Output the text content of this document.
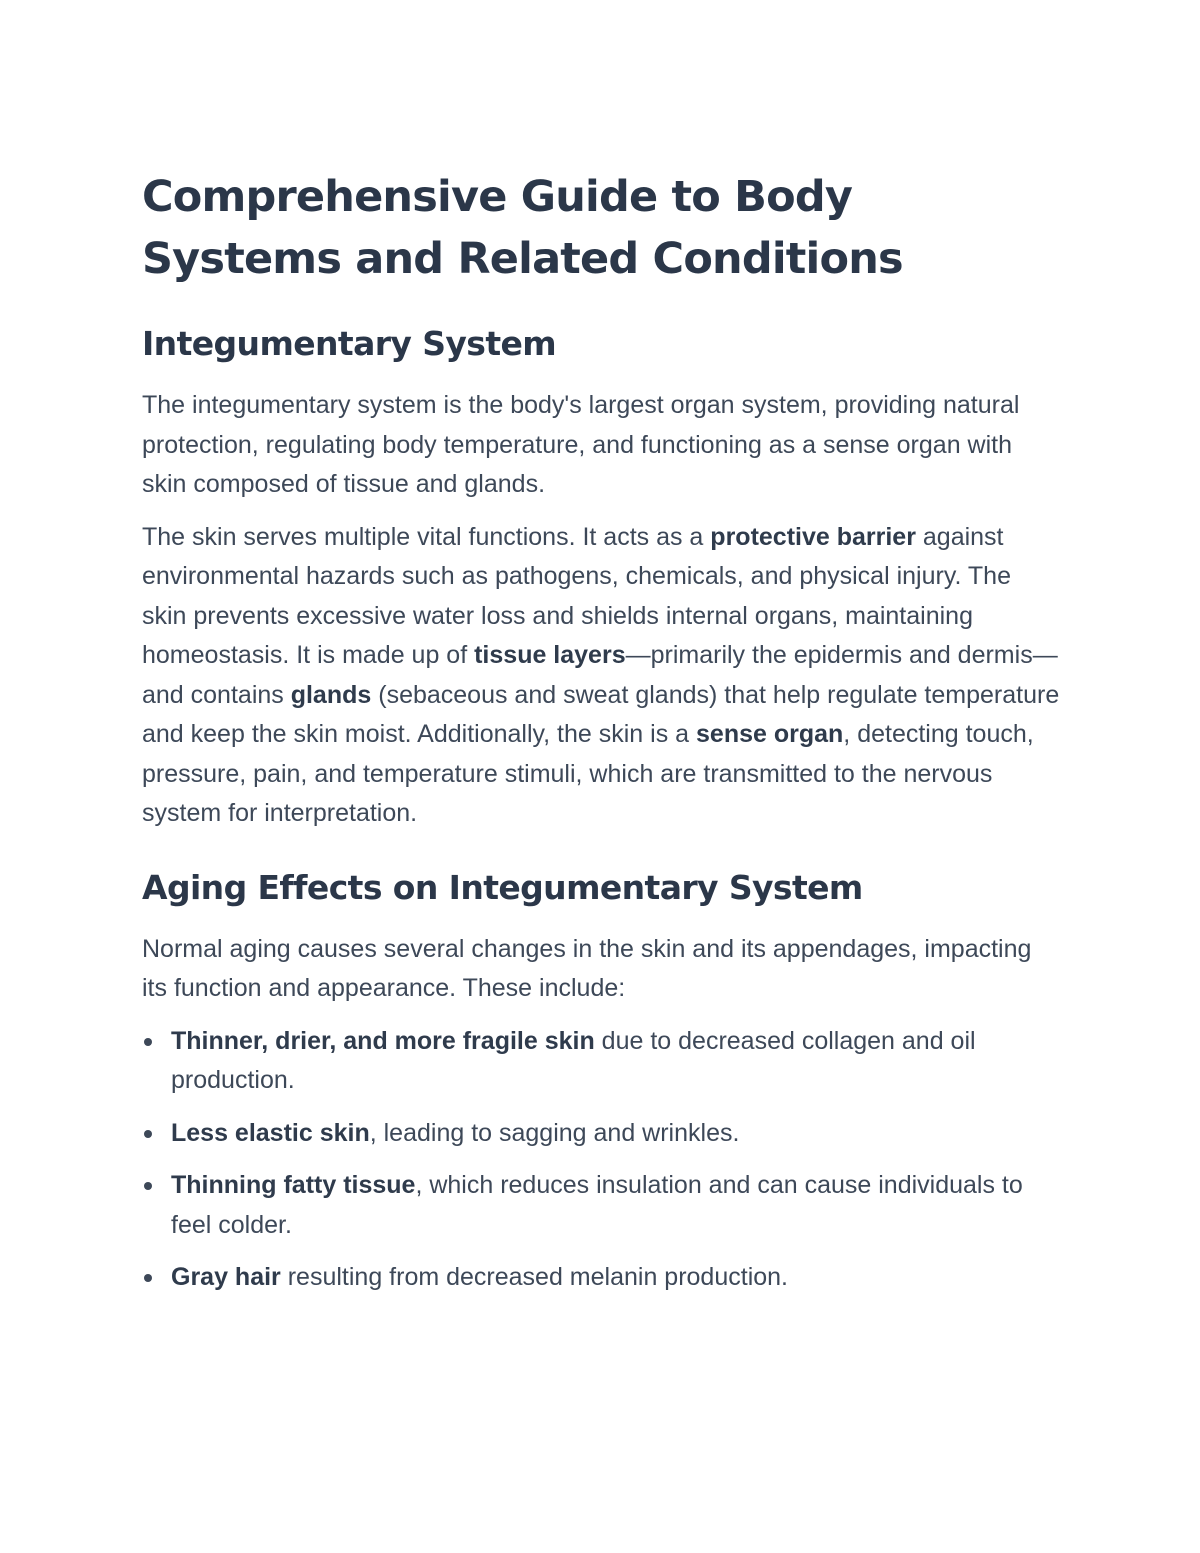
Comprehensive Guide to Body Systems and Related Conditions
Integumentary System

The integumentary system is the body's largest organ system, providing natural protection, regulating body temperature, and functioning as a sense organ with skin composed of tissue and glands.

The skin serves multiple vital functions. It acts as a protective barrier against environmental hazards such as pathogens, chemicals, and physical injury. The skin prevents excessive water loss and shields internal organs, maintaining homeostasis. It is made up of tissue layers—primarily the epidermis and dermis—and contains glands (sebaceous and sweat glands) that help regulate temperature and keep the skin moist. Additionally, the skin is a sense organ, detecting touch, pressure, pain, and temperature stimuli, which are transmitted to the nervous system for interpretation.

Aging Effects on Integumentary System

Normal aging causes several changes in the skin and its appendages, impacting its function and appearance. These include:

Thinner, drier, and more fragile skin due to decreased collagen and oil production.
Less elastic skin, leading to sagging and wrinkles.
Thinning fatty tissue, which reduces insulation and can cause individuals to feel colder.
Gray hair resulting from decreased melanin production.
